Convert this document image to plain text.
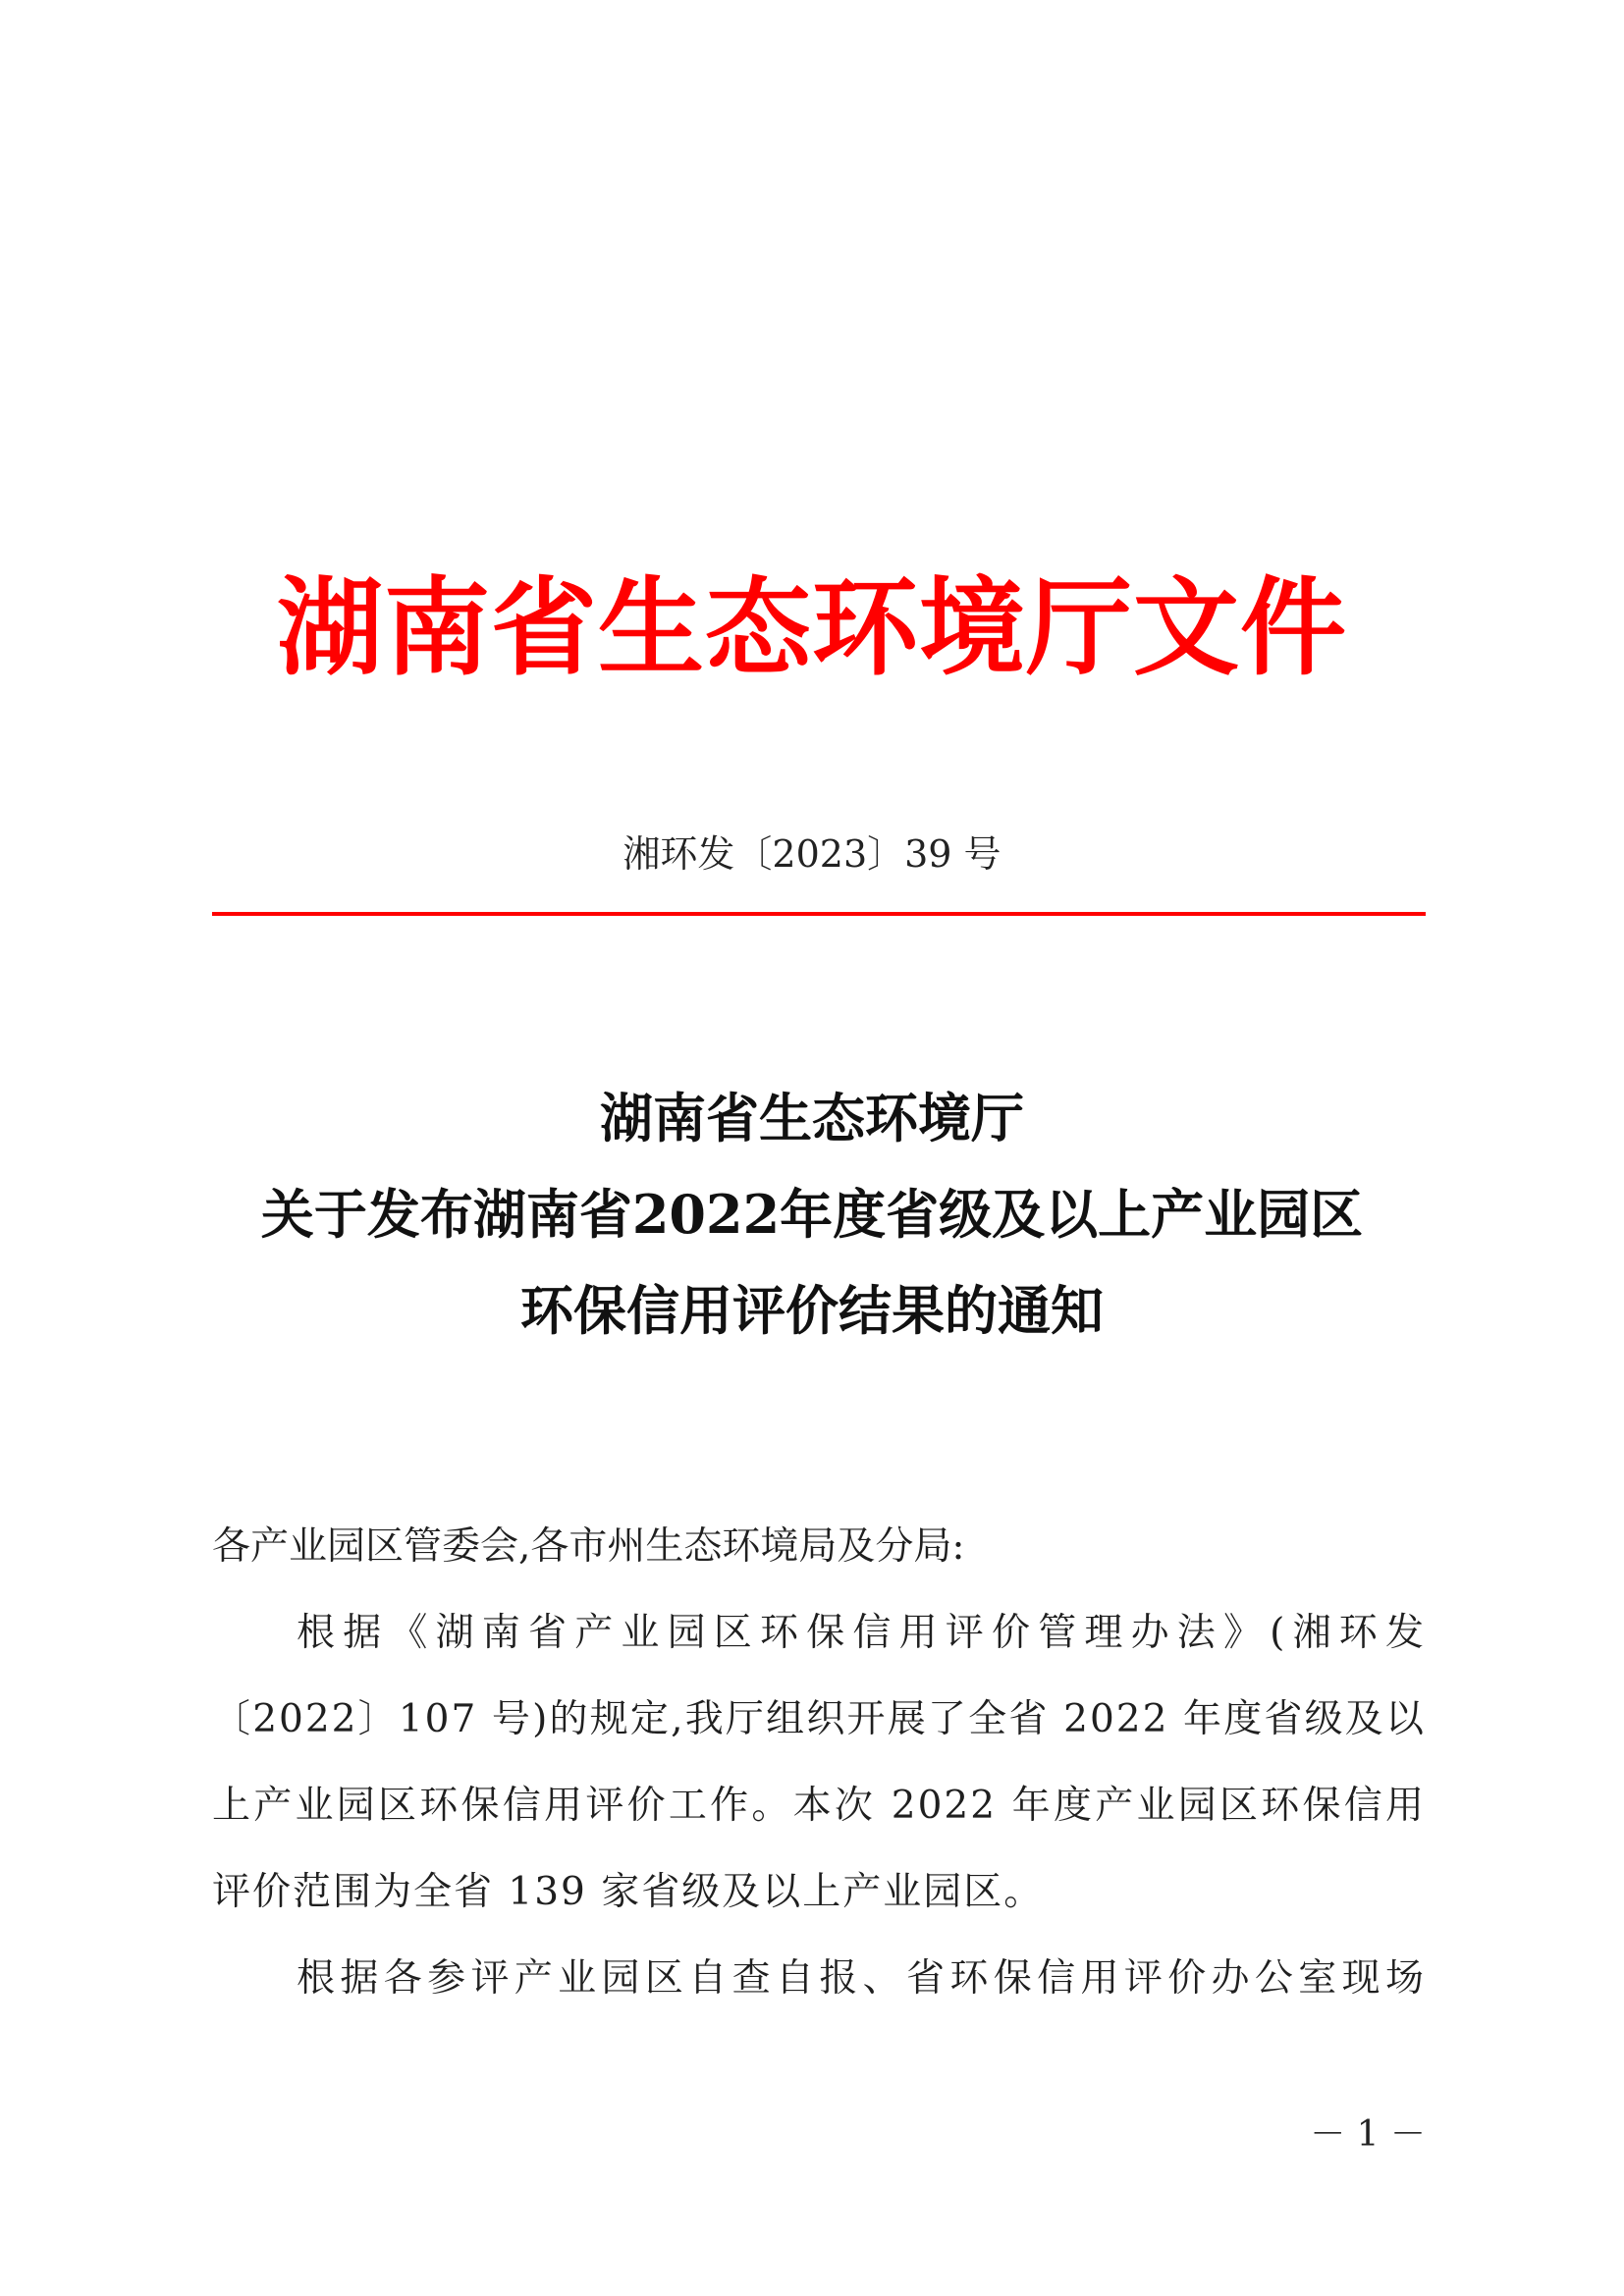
湖南省生态环境厅文件
湘环发〔2023〕39 号
湖南省生态环境厅
关于发布湖南省2022年度省级及以上产业园区
环保信用评价结果的通知
各产业园区管委会,各市州生态环境局及分局:
根据《湖南省产业园区环保信用评价管理办法》(湘环发
〔2022〕107 号)的规定,我厅组织开展了全省 2022 年度省级及以
上产业园区环保信用评价工作。本次 2022 年度产业园区环保信用
评价范围为全省 139 家省级及以上产业园区。
根据各参评产业园区自查自报、省环保信用评价办公室现场
－ 1 －
